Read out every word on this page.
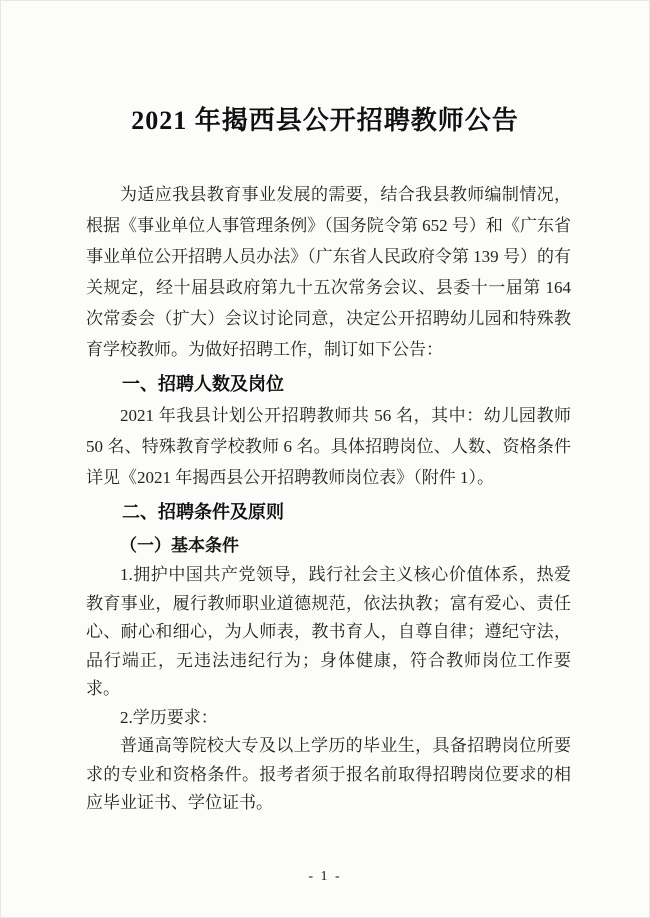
2021 年揭西县公开招聘教师公告

为适应我县教育事业发展的需要，结合我县教师编制情况，根据《事业单位人事管理条例》（国务院令第 652 号）和《广东省事业单位公开招聘人员办法》（广东省人民政府令第 139 号）的有关规定，经十届县政府第九十五次常务会议、县委十一届第 164 次常委会（扩大）会议讨论同意，决定公开招聘幼儿园和特殊教育学校教师。为做好招聘工作，制订如下公告：

一、招聘人数及岗位

2021 年我县计划公开招聘教师共 56 名，其中：幼儿园教师 50 名、特殊教育学校教师 6 名。具体招聘岗位、人数、资格条件详见《2021 年揭西县公开招聘教师岗位表》（附件 1）。

二、招聘条件及原则
（一）基本条件

1.拥护中国共产党领导，践行社会主义核心价值体系，热爱教育事业，履行教师职业道德规范，依法执教；富有爱心、责任心、耐心和细心，为人师表，教书育人，自尊自律；遵纪守法，品行端正，无违法违纪行为；身体健康，符合教师岗位工作要求。

2.学历要求：

普通高等院校大专及以上学历的毕业生，具备招聘岗位所要求的专业和资格条件。报考者须于报名前取得招聘岗位要求的相应毕业证书、学位证书。

- 1 -
